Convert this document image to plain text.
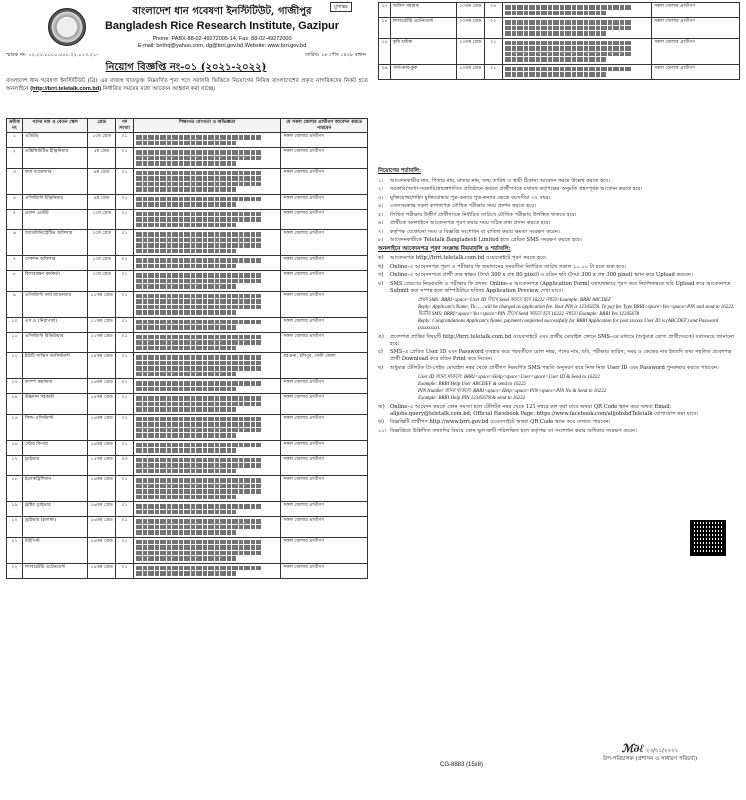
বাংলাদেশ ধান গবেষণা ইনস্টিটিউট, গাজীপুর
Bangladesh Rice Research Institute, Gazipur
Phone: PABX-88-02-49272005-14, Fax: 88-02-49272000
E-mail: brrihq@yahoo.com, dg@brri.gov.bd Website: www.brri.gov.bd
যুগান্তর
স্মারক নং- ১২.২১.০০০০.০০০.২২.০১৩.২১-	তারিখ: ১৮ পৌষ ১৪২৮ বঙ্গাব্দ
নিয়োগ বিজ্ঞপ্তি নং-০১ (২০২১-২০২২)
বাংলাদেশ ধান গবেষণা ইনস্টিটিউট (ব্রি) এর রাজস্ব খাতভুক্ত নিম্নবর্ণিত শূন্য পদে সরাসরি ভিত্তিতে নিয়োগের নিমিত্ত বাংলাদেশের প্রকৃত নাগরিকদের নিকট হতে অনলাইনে (http://brri.teletalk.com.bd) নির্ধারিত সময়ের মধ্যে আবেদন আহ্বান করা যাচ্ছে।
ক্রমিক নং	পদের নাম ও বেতন স্কেল	গ্রেড	পদ সংখ্যা	শিক্ষাগত যোগ্যতা ও অভিজ্ঞতা	যে সকল জেলার প্রার্থীগণ আবেদন করতে পারবেন
১	এডিটর	১০ম গ্রেড	০১		সকল জেলার প্রার্থীগণ
২	এক্সিকিউটিভ ইঞ্জিনিয়ার	৫ম গ্রেড	০১		সকল জেলার প্রার্থীগণ
৩	ফার্ম ম্যানেজার	৯ম গ্রেড	০১		সকল জেলার প্রার্থীগণ
৪	এসিস্ট্যান্ট ইঞ্জিনিয়ার	৯ম গ্রেড	০১		সকল জেলার প্রার্থীগণ
৫	প্রধান এস্টেট	১০ম গ্রেড	০১		সকল জেলার প্রার্থীগণ
৬	অ্যাডমিনিস্ট্রেটিভ অফিসার	১০ম গ্রেড	০১		সকল জেলার প্রার্থীগণ
৭	সেকশন অফিসার	১০ম গ্রেড	০২		সকল জেলার প্রার্থীগণ
৮	হিসাবরক্ষণ কর্মকর্তা	১০ম গ্রেড	০১		সকল জেলার প্রার্থীগণ
৯	এসিস্ট্যান্ট ফার্ম ম্যানেজার	১১তম গ্রেড	০১		সকল জেলার প্রার্থীগণ
১০	এস.ও (নিরাপত্তা)	১১তম গ্রেড	০১		সকল জেলার প্রার্থীগণ
১১	এসিস্ট্যান্ট রিভিউয়ার	১১তম গ্রেড	০১		সকল জেলার প্রার্থীগণ
১২	ইউটি সার্ভিস আসিস্ট্যান্ট	১৪তম গ্রেড	০১		বরগুনা, চাঁদপুর, ফেনী জেলা
১৩	ক্যাম্প কমান্ডার	১৬তম গ্রেড	০২		সকল জেলার প্রার্থীগণ
১৪	উচ্চমান সহকারী	১৪তম গ্রেড	০১		সকল জেলার প্রার্থীগণ
১৫	ফিল্ড এসিস্ট্যান্ট	১৬তম গ্রেড	০২		সকল জেলার প্রার্থীগণ
১৬	স্টোর কিপার	১৬তম গ্রেড	০১		সকল জেলার প্রার্থীগণ
১৭	ড্রাইভার	১৫তম গ্রেড	০৩		সকল জেলার প্রার্থীগণ
১৮	ইলেকট্রিশিয়ান	১৬তম গ্রেড	০১		সকল জেলার প্রার্থীগণ
১৯	ট্রাক্টর ড্রাইভার	১৬তম গ্রেড	০১		সকল জেলার প্রার্থীগণ
২০	ড্রাইভার (হালকা)	১৬তম গ্রেড	০১		সকল জেলার প্রার্থীগণ
২১	টাইপিস্ট	১৬তম গ্রেড	০১		সকল জেলার প্রার্থীগণ
২২	ল্যাবরেটরি এটেনডেন্ট	১৯তম গ্রেড	০১		সকল জেলার প্রার্থীগণ
২৩	অফিস সহায়ক	২০তম গ্রেড	০৪		সকল জেলার প্রার্থীগণ
২৪	ল্যাবরেটরি এটেনডেন্ট	২০তম গ্রেড	০২		সকল জেলার প্রার্থীগণ
২৫	কৃষি শ্রমিক	২০তম গ্রেড	০১		সকল জেলার প্রার্থীগণ
২৬	গার্ড-কাম-কুক	২০তম গ্রেড	০১		সকল জেলার প্রার্থীগণ
নিয়োগের শর্তাবলি:
১।	আবেদনকারীর নাম, পিতার নাম, মাতার নাম, জন্ম তারিখ ও স্থায়ী ঠিকানা আবেদন ফরমে উল্লেখ করতে হবে।
২।	সরকারি/আধা-সরকারি/স্বায়ত্তশাসিত প্রতিষ্ঠানে কর্মরত প্রার্থীগণকে যথাযথ কর্তৃপক্ষের অনুমতি গ্রহণপূর্বক আবেদন করতে হবে।
৩।	মুক্তিযোদ্ধা/শহিদ মুক্তিযোদ্ধার পুত্র-কন্যার পুত্র-কন্যার ক্ষেত্রে বয়সসীমা ৩২ বছর।
৪।	এতদসংক্রান্ত সকল কাগজপত্র মৌখিক পরীক্ষার সময় প্রদর্শন করতে হবে।
৫।	লিখিত পরীক্ষায় উত্তীর্ণ প্রার্থীগণকে নির্ধারিত তারিখে মৌখিক পরীক্ষায় উপস্থিত থাকতে হবে।
৬।	প্রার্থীকে অনলাইনে আবেদনপত্র পূরণ করার সময় সঠিক তথ্য প্রদান করতে হবে।
৭।	কর্তৃপক্ষ যেকোনো সময় এ বিজ্ঞপ্তি সংশোধন বা বাতিল করার ক্ষমতা সংরক্ষণ করেন।
৮।	আবেদনকারীকে Teletalk Bangladesh Limited হতে প্রেরিত SMS সংরক্ষণ করতে হবে।
অনলাইনে আবেদনপত্র পূরণ সংক্রান্ত নিয়মাবলি ও শর্তাবলি:
ক)	আবেদনপত্র http://brri.teletalk.com.bd ওয়েবসাইটে পূরণ করতে হবে।
খ)	Online-এ আবেদনপত্র পূরণ ও পরীক্ষার ফি জমাদানের সময়সীমা নির্ধারিত তারিখ সকাল ১০.০০ টা হতে শুরু হবে।
গ)	Online-এ আবেদনপত্রে প্রার্থী তার স্বাক্ষর (দৈর্ঘ্য 300 x প্রস্থ 80 pixel) ও রঙিন ছবি (দৈর্ঘ্য 300 x প্রস্থ 300 pixel) স্ক্যান করে Upload করবেন।
ঘ)	SMS প্রেরণের নিয়মাবলি ও পরীক্ষার ফি প্রদান: Online-এ আবেদনপত্র (Application Form) যথাযথভাবে পূরণ করে নির্দেশনামতে ছবি Upload করে আবেদনপত্র Submit করা সম্পন্ন হলে কম্পিউটারে ছবিসহ Application Preview দেখা যাবে।
প্রথম SMS: BRRI<space>User ID লিখে Send করতে হবে 16222 নম্বরে। Example: BRRI ABCDEF
Reply: Applicant's Name, Tk-......will be charged as application fee. Your PIN is 12345678. To pay fee Type BRRI<space>Yes<space>PIN and send to 16222.
দ্বিতীয় SMS: BRRI<space>Yes<space>PIN লিখে Send করতে হবে 16222 নম্বরে। Example: BRRI Yes 12345678
Reply: Congratulations Applicant's Name, payment completed successfully for BRRI Application for post xxxxxx User ID is (ABCDEF) and Password (xxxxxxxx).
ঙ)	প্রবেশপত্র প্রাপ্তির বিষয়টি http://brri.teletalk.com.bd ওয়েবসাইটে এবং প্রার্থীর মোবাইল ফোনে SMS-এর মাধ্যমে (শুধুমাত্র যোগ্য প্রার্থীদেরকে) যথাসময়ে জানানো হবে।
চ)	SMS-এ প্রেরিত User ID এবং Password ব্যবহার করে পরবর্তীতে রোল নম্বর, পদের নাম, ছবি, পরীক্ষার তারিখ, সময় ও কেন্দ্রের নাম ইত্যাদি তথ্য সম্বলিত প্রবেশপত্র প্রার্থী Download করে রঙিন Print করে নিবেন।
ছ)	শুধুমাত্র টেলিটক প্রি-পেইড মোবাইল নম্বর থেকে প্রার্থীগণ নিম্নবর্ণিত SMS পদ্ধতি অনুসরণ করে নিজ নিজ User ID এবং Password পুনরুদ্ধার করতে পারবেন।
User ID জানা থাকলে: BRRI<space>Help<space>User<space>User ID & Send to 16222
Example: BRRI Help User ABCDEF & send to 16222
PIN Number জানা থাকলে: BRRI<space>Help<space>PIN<space>PIN No & Send to 16222
Example: BRRI Help PIN 12345678 & send to 16222
জ)	Online-এ আবেদন করতে কোন সমস্যা হলে টেলিটক নম্বর থেকে 121 নম্বরে কল করা যাবে অথবা QR Code স্ক্যান করে অথবা Email: alljobs.query@teletalk.com.bd; Official Facebook Page: https://www.facebook.com/alljobsbdTeletalk যোগাযোগ করা যাবে।
ঝ)	বিজ্ঞপ্তিটি প্রার্থীগণ http://www.brri.gov.bd ওয়েবসাইটে অথবা QR Code স্ক্যান করে দেখতে পারবেন।
১০। বিজ্ঞপ্তিতে উল্লিখিত তথ্যাদির বিষয়ে কোন ভুল-ত্রুটি পরিলক্ষিত হলে কর্তৃপক্ষ তা সংশোধন করার অধিকার সংরক্ষণ করেন।
CG-8883 (15x8)
ℳ∂ℓ ২৩/০১/২০২২
উপ-পরিচালক (প্রশাসন ও সাধারণ পরিচর্যা)
